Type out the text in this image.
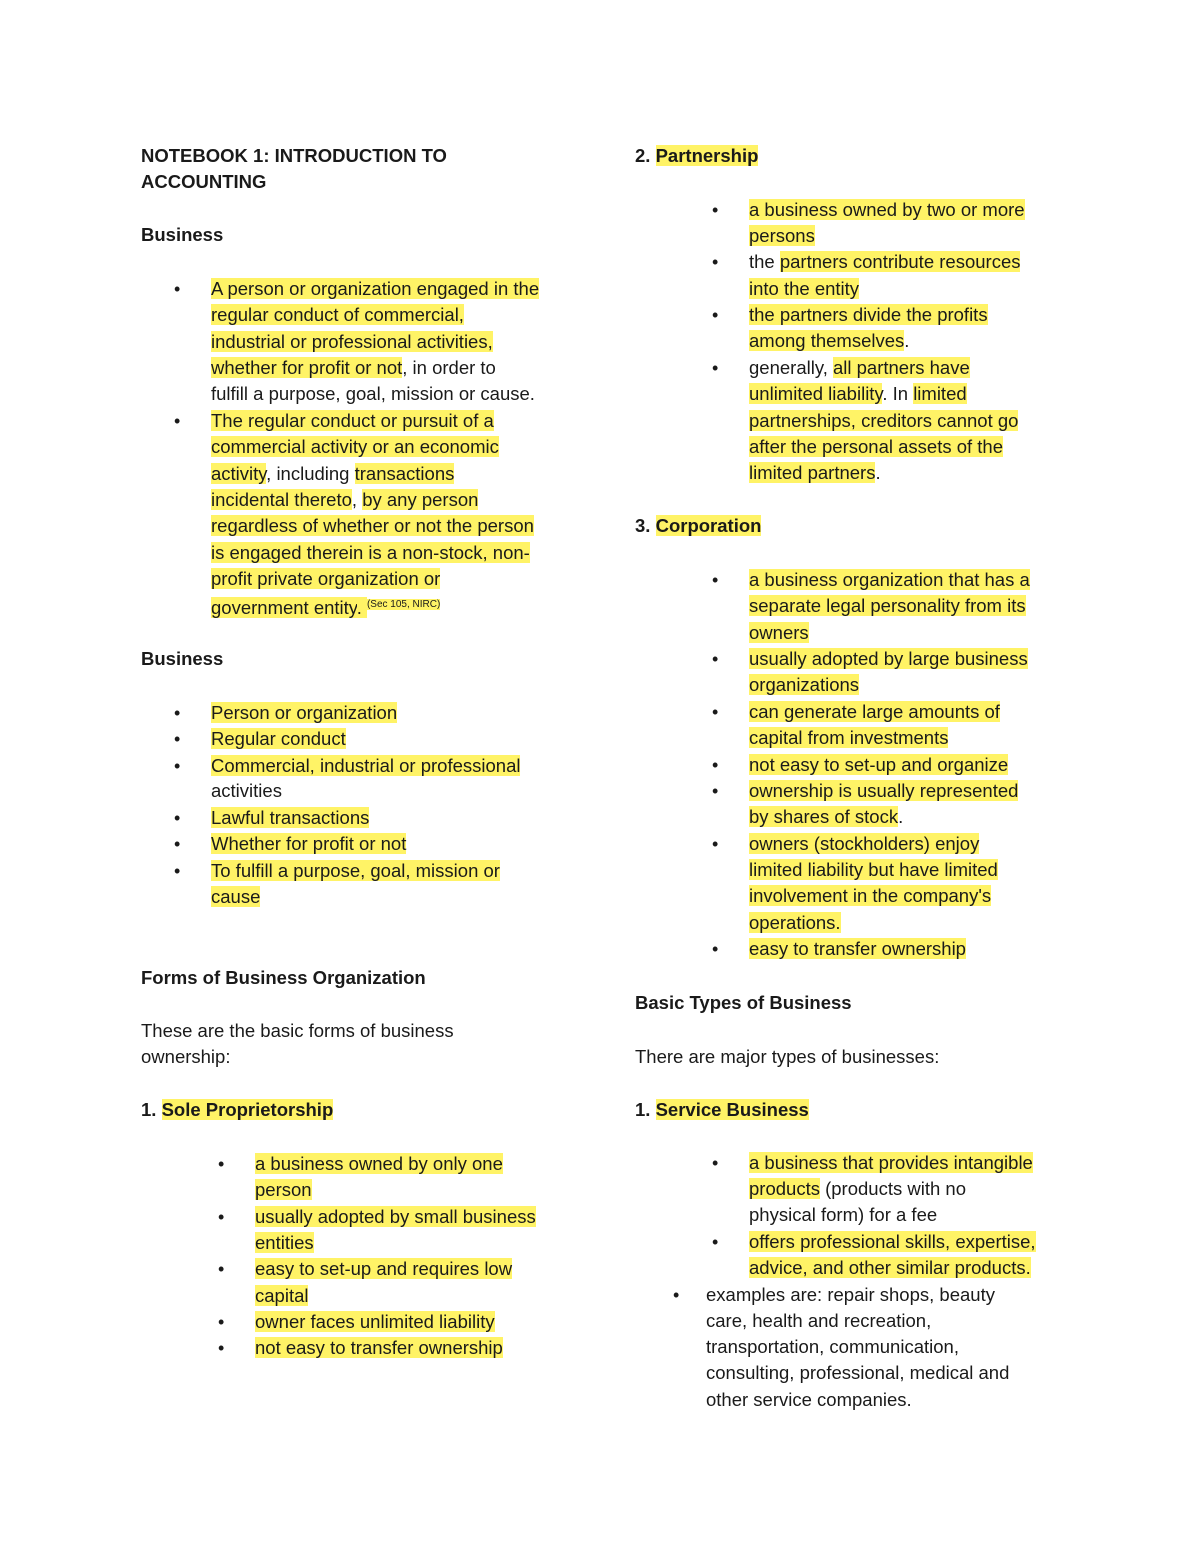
NOTEBOOK 1: INTRODUCTION TO

ACCOUNTING

Business

• A person or organization engaged in the

regular conduct of commercial,

industrial or professional activities,

whether for profit or not, in order to

fulfill a purpose, goal, mission or cause.

• The regular conduct or pursuit of a

commercial activity or an economic

activity, including transactions

incidental thereto, by any person

regardless of whether or not the person

is engaged therein is a non-stock, non-

profit private organization or

government entity. $^{(Sec 105, NIRC)}$

Business

• Person or organization

• Regular conduct

• Commercial, industrial or professional

activities

• Lawful transactions

• Whether for profit or not

• To fulfill a purpose, goal, mission or

cause

Forms of Business Organization

These are the basic forms of business

ownership:

1. Sole Proprietorship

• a business owned by only one

person

• usually adopted by small business

entities

• easy to set-up and requires low

capital

• owner faces unlimited liability

• not easy to transfer ownership

2. Partnership

• a business owned by two or more

persons

• the partners contribute resources

into the entity

• the partners divide the profits

among themselves.

• generally, all partners have

unlimited liability. In limited

partnerships, creditors cannot go

after the personal assets of the

limited partners.

3. Corporation

• a business organization that has a

separate legal personality from its

owners

• usually adopted by large business

organizations

• can generate large amounts of

capital from investments

• not easy to set-up and organize

• ownership is usually represented

by shares of stock.

• owners (stockholders) enjoy

limited liability but have limited

involvement in the company's

operations.

• easy to transfer ownership

Basic Types of Business

There are major types of businesses:

1. Service Business

• a business that provides intangible

products (products with no

physical form) for a fee

• offers professional skills, expertise,

advice, and other similar products.

• examples are: repair shops, beauty

care, health and recreation,

transportation, communication,

consulting, professional, medical and

other service companies.
